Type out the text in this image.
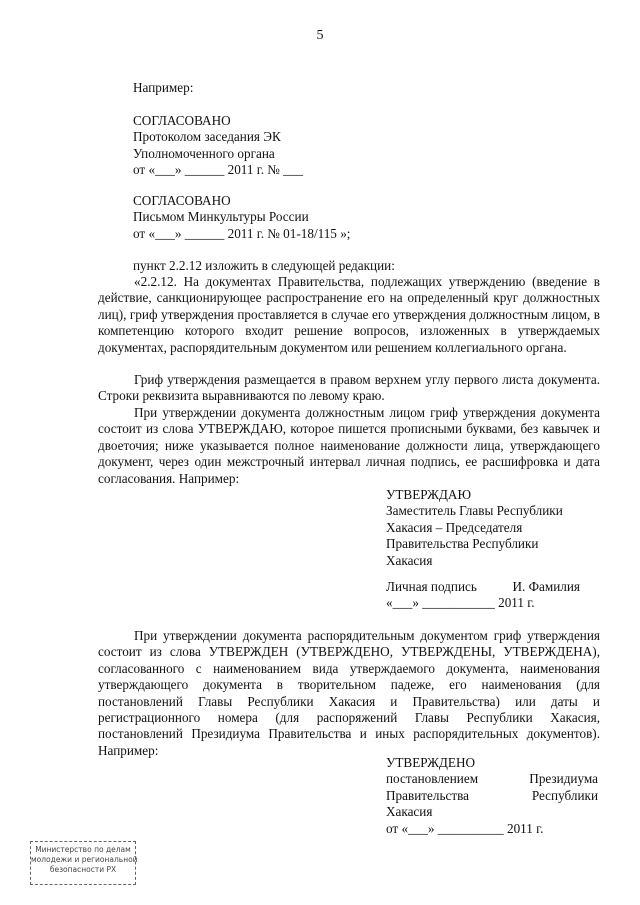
5
Например:
СОГЛАСОВАНО
Протоколом заседания ЭК
Уполномоченного органа
от «___» ______ 2011 г. № ___
СОГЛАСОВАНО
Письмом Минкультуры России
от «___» ______ 2011 г. № 01-18/115 »;
пункт 2.2.12 изложить в следующей редакции:
«2.2.12. На документах Правительства, подлежащих утверждению (введение в действие, санкционирующее распространение его на определенный круг должностных лиц), гриф утверждения проставляется в случае его утверждения должностным лицом, в компетенцию которого входит решение вопросов, изложенных в утверждаемых документах, распорядительным документом или решением коллегиального органа.
Гриф утверждения размещается в правом верхнем углу первого листа документа. Строки реквизита выравниваются по левому краю.
При утверждении документа должностным лицом гриф утверждения документа состоит из слова УТВЕРЖДАЮ, которое пишется прописными буквами, без кавычек и двоеточия; ниже указывается полное наименование должности лица, утверждающего документ, через один межстрочный интервал личная подпись, ее расшифровка и дата согласования. Например:
УТВЕРЖДАЮ
Заместитель Главы Республики
Хакасия – Председателя
Правительства Республики
Хакасия
Личная подпись	И. Фамилия
«___» ___________ 2011 г.
При утверждении документа распорядительным документом гриф утверждения состоит из слова УТВЕРЖДЕН (УТВЕРЖДЕНО, УТВЕРЖДЕНЫ, УТВЕРЖДЕНА), согласованного с наименованием вида утверждаемого документа, наименования утверждающего документа в творительном падеже, его наименования (для постановлений Главы Республики Хакасия и Правительства) или даты и регистрационного номера (для распоряжений Главы Республики Хакасия, постановлений Президиума Правительства и иных распорядительных документов). Например:
УТВЕРЖДЕНО
постановлением	Президиума
Правительства	Республики
Хакасия
от «___» __________ 2011 г.
Министерство по делам
молодежи и региональной
безопасности РХ
